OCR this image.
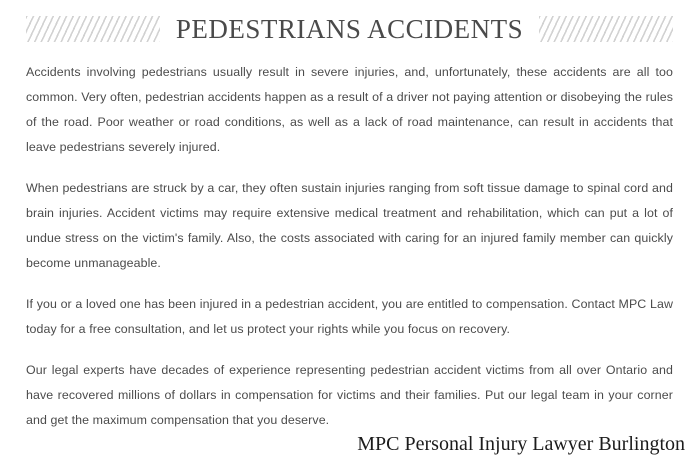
PEDESTRIANS ACCIDENTS

Accidents involving pedestrians usually result in severe injuries, and, unfortunately, these accidents are all too common. Very often, pedestrian accidents happen as a result of a driver not paying attention or disobeying the rules of the road. Poor weather or road conditions, as well as a lack of road maintenance, can result in accidents that leave pedestrians severely injured.

When pedestrians are struck by a car, they often sustain injuries ranging from soft tissue damage to spinal cord and brain injuries. Accident victims may require extensive medical treatment and rehabilitation, which can put a lot of undue stress on the victim's family. Also, the costs associated with caring for an injured family member can quickly become unmanageable.

If you or a loved one has been injured in a pedestrian accident, you are entitled to compensation. Contact MPC Law today for a free consultation, and let us protect your rights while you focus on recovery.

Our legal experts have decades of experience representing pedestrian accident victims from all over Ontario and have recovered millions of dollars in compensation for victims and their families. Put our legal team in your corner and get the maximum compensation that you deserve.

MPC Personal Injury Lawyer Burlington
